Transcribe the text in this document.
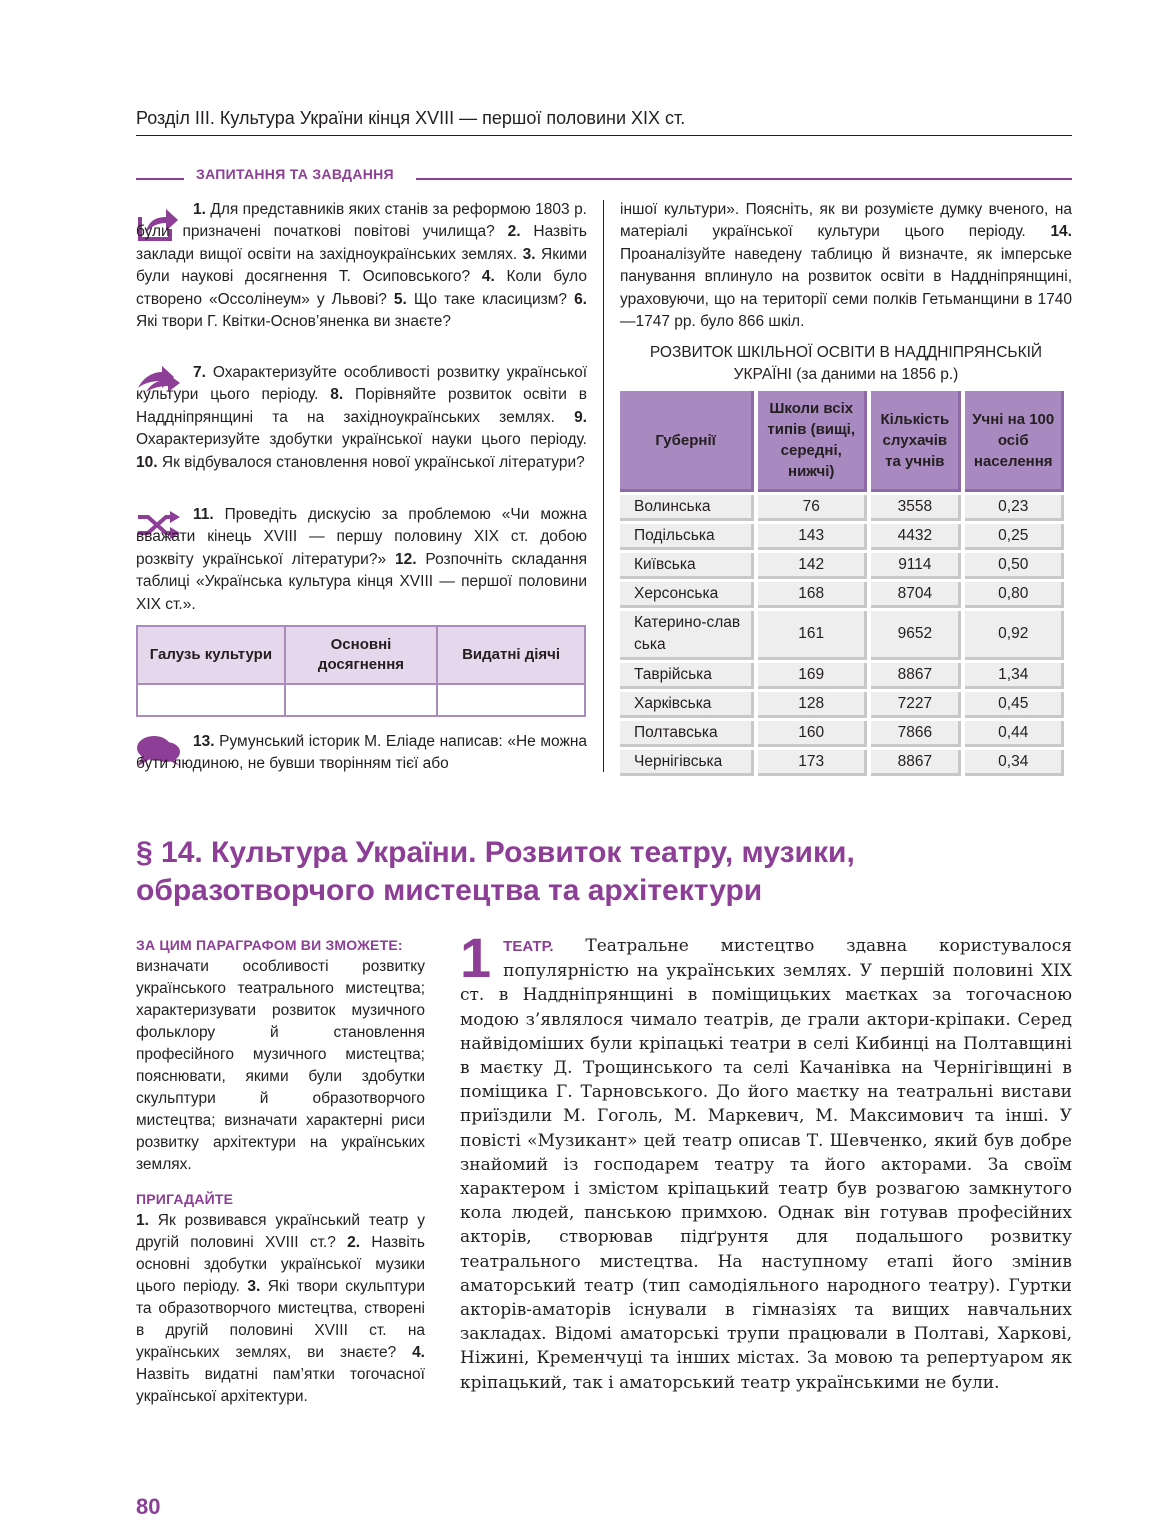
Розділ ІІІ. Культура України кінця XVIII — першої половини XIX ст.
ЗАПИТАННЯ ТА ЗАВДАННЯ
1. Для представників яких станів за реформою 1803 р. були призначені початкові повітові училища? 2. Назвіть заклади вищої освіти на західноукраїнських землях. 3. Якими були наукові досягнення Т. Осиповського? 4. Коли було створено «Оссолінеум» у Львові? 5. Що таке класицизм? 6. Які твори Г. Квітки-Основ’яненка ви знаєте?
7. Охарактеризуйте особливості розвитку української культури цього періоду. 8. Порівняйте розвиток освіти в Наддніпрянщині та на західноукраїнських землях. 9. Охарактеризуйте здобутки української науки цього періоду. 10. Як відбувалося становлення нової української літератури?
11. Проведіть дискусію за проблемою «Чи можна вважати кінець XVIII — першу половину XIX ст. добою розквіту української літератури?» 12. Розпочніть складання таблиці «Українська культура кінця XVIII — першої половини XIX ст.».
Галузь культури	Основні досягнення	Видатні діячі

13. Румунський історик М. Еліаде написав: «Не можна бути людиною, не бувши творінням тієї або
іншої культури». Поясніть, як ви розумієте думку вченого, на матеріалі української культури цього періоду. 14. Проаналізуйте наведену таблицю й визначте, як імперське панування вплинуло на розвиток освіти в Наддніпрянщині, ураховуючи, що на території семи полків Гетьманщини в 1740—1747 рр. було 866 шкіл.
РОЗВИТОК ШКІЛЬНОЇ ОСВІТИ В НАДДНІПРЯНСЬКІЙ
УКРАЇНІ (за даними на 1856 р.)
Губернії	Школи всіх типів (вищі, середні, нижчі)	Кількість слухачів та учнів	Учні на 100 осіб населення
Волинська	76	3558	0,23
Подільська	143	4432	0,25
Київська	142	9114	0,50
Херсонська	168	8704	0,80
Катерино-славська	161	9652	0,92
Таврійська	169	8867	1,34
Харківська	128	7227	0,45
Полтавська	160	7866	0,44
Чернігівська	173	8867	0,34
§ 14. Культура України. Розвиток театру, музики,
образотворчого мистецтва та архітектури
ЗА ЦИМ ПАРАГРАФОМ ВИ ЗМОЖЕТЕ:
визначати особливості розвитку українського театрального мистецтва; характеризувати розвиток музичного фольклору й становлення професійного музичного мистецтва; пояснювати, якими були здобутки скульптури й образотворчого мистецтва; визначати характерні риси розвитку архітектури на українських землях.
ПРИГАДАЙТЕ
1. Як розвивався український театр у другій половині XVIII ст.? 2. Назвіть основні здобутки української музики цього періоду. 3. Які твори скульптури та образотворчого мистецтва, створені в другій половині XVIII ст. на українських землях, ви знаєте? 4. Назвіть видатні пам’ятки тогочасної української архітектури.
1 ТЕАТР. Театральне мистецтво здавна користувалося популярністю на українських землях. У першій половині XIX ст. в Наддніпрянщині в поміщицьких маєтках за тогочасною модою з’являлося чимало театрів, де грали актори-кріпаки. Серед найвідоміших були кріпацькі театри в селі Кибинці на Полтавщині в маєтку Д. Трощинського та селі Качанівка на Чернігівщині в поміщика Г. Тарновського. До його маєтку на театральні вистави приїздили М. Гоголь, М. Маркевич, М. Максимович та інші. У повісті «Музикант» цей театр описав Т. Шевченко, який був добре знайомий із господарем театру та його акторами. За своїм характером і змістом кріпацький театр був розвагою замкнутого кола людей, панською примхою. Однак він готував професійних акторів, створював підґрунтя для подальшого розвитку театрального мистецтва. На наступному етапі його змінив аматорський театр (тип самодіяльного народного театру). Гуртки акторів-аматорів існували в гімназіях та вищих навчальних закладах. Відомі аматорські трупи працювали в Полтаві, Харкові, Ніжині, Кременчуці та інших містах. За мовою та репертуаром як кріпацький, так і аматорський театр українськими не були.
80
